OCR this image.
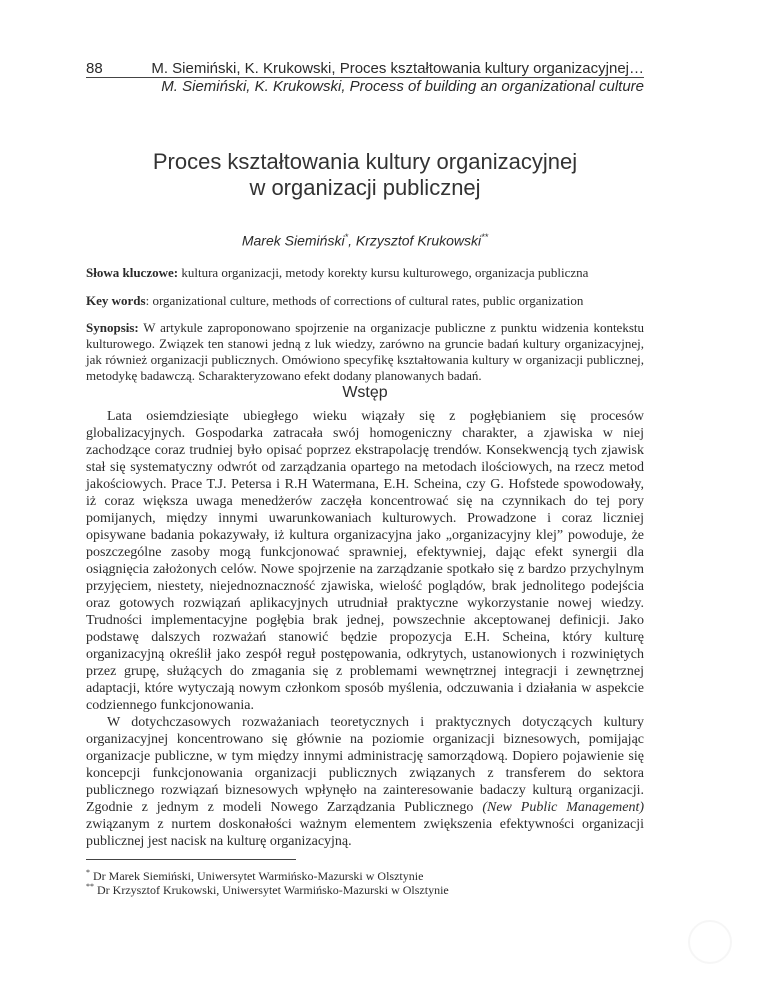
88	M. Siemiński, K. Krukowski, Proces kształtowania kultury organizacyjnej…
M. Siemiński, K. Krukowski, Process of building an organizational culture
Proces kształtowania kultury organizacyjnej
w organizacji publicznej
Marek Siemiński*, Krzysztof Krukowski**
Słowa kluczowe: kultura organizacji, metody korekty kursu kulturowego, organizacja publiczna
Key words: organizational culture, methods of corrections of cultural rates, public organization
Synopsis: W artykule zaproponowano spojrzenie na organizacje publiczne z punktu widzenia kontekstu kulturowego. Związek ten stanowi jedną z luk wiedzy, zarówno na gruncie badań kultury organizacyjnej, jak również organizacji publicznych. Omówiono specyfikę kształtowania kultury w organizacji publicznej, metodykę badawczą. Scharakteryzowano efekt dodany planowanych badań.
Wstęp

Lata osiemdziesiąte ubiegłego wieku wiązały się z pogłębianiem się procesów globalizacyjnych. Gospodarka zatracała swój homogeniczny charakter, a zjawiska w niej zachodzące coraz trudniej było opisać poprzez ekstrapolację trendów. Konsekwencją tych zjawisk stał się systematyczny odwrót od zarządzania opartego na metodach ilościowych, na rzecz metod jakościowych. Prace T.J. Petersa i R.H Watermana, E.H. Scheina, czy G. Hofstede spowodowały, iż coraz większa uwaga menedżerów zaczęła koncentrować się na czynnikach do tej pory pomijanych, między innymi uwarunkowaniach kulturowych. Prowadzone i coraz liczniej opisywane badania pokazywały, iż kultura organizacyjna jako „organizacyjny klej” powoduje, że poszczególne zasoby mogą funkcjonować sprawniej, efektywniej, dając efekt synergii dla osiągnięcia założonych celów. Nowe spojrzenie na zarządzanie spotkało się z bardzo przychylnym przyjęciem, niestety, niejednoznaczność zjawiska, wielość poglądów, brak jednolitego podejścia oraz gotowych rozwiązań aplikacyjnych utrudniał praktyczne wykorzystanie nowej wiedzy. Trudności implementacyjne pogłębia brak jednej, powszechnie akceptowanej definicji. Jako podstawę dalszych rozważań stanowić będzie propozycja E.H. Scheina, który kulturę organizacyjną określił jako zespół reguł postępowania, odkrytych, ustanowionych i rozwiniętych przez grupę, służących do zmagania się z problemami wewnętrznej integracji i zewnętrznej adaptacji, które wytyczają nowym członkom sposób myślenia, odczuwania i działania w aspekcie codziennego funkcjonowania.

W dotychczasowych rozważaniach teoretycznych i praktycznych dotyczących kultury organizacyjnej koncentrowano się głównie na poziomie organizacji biznesowych, pomijając organizacje publiczne, w tym między innymi administrację samorządową. Dopiero pojawienie się koncepcji funkcjonowania organizacji publicznych związanych z transferem do sektora publicznego rozwiązań biznesowych wpłynęło na zainteresowanie badaczy kulturą organizacji. Zgodnie z jednym z modeli Nowego Zarządzania Publicznego (New Public Management) związanym z nurtem doskonałości ważnym elementem zwiększenia efektywności organizacji publicznej jest nacisk na kulturę organizacyjną.

* Dr Marek Siemiński, Uniwersytet Warmińsko-Mazurski w Olsztynie
** Dr Krzysztof Krukowski, Uniwersytet Warmińsko-Mazurski w Olsztynie
